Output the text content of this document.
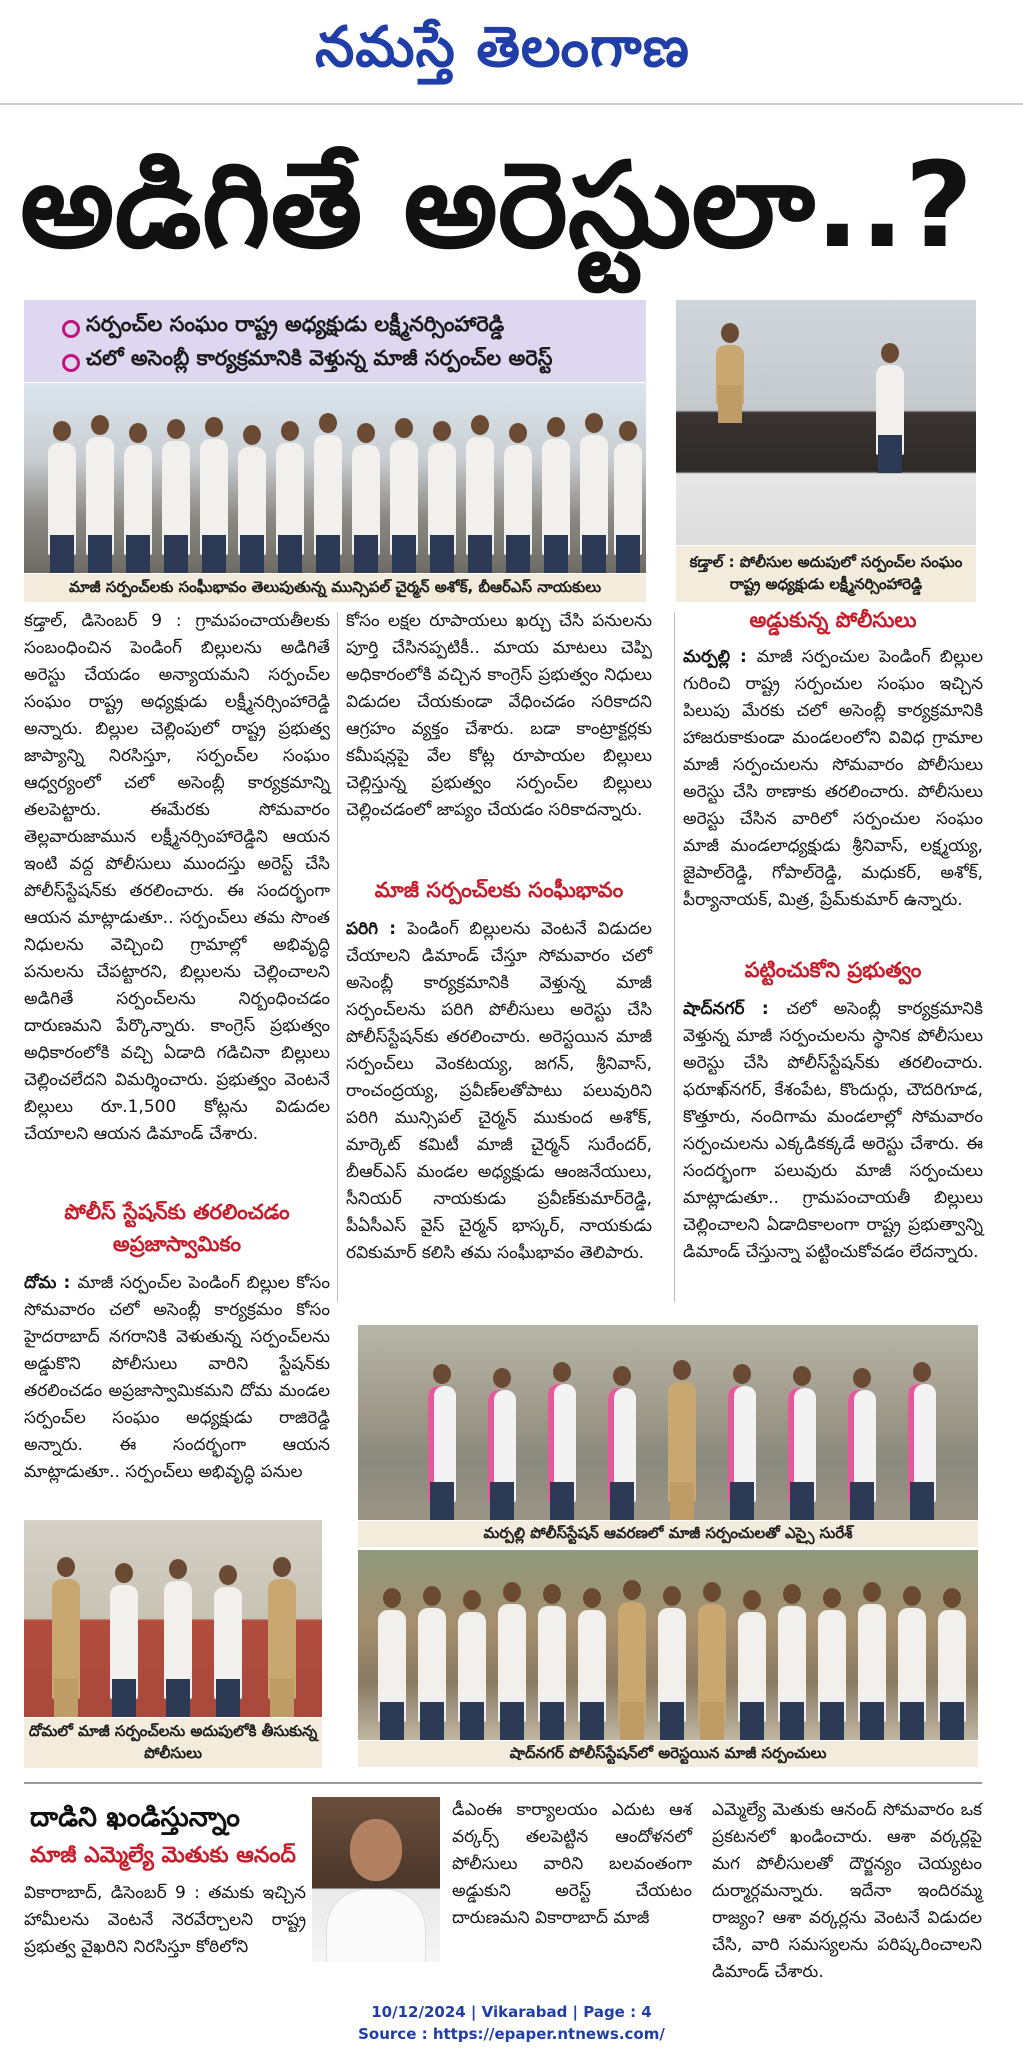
నమస్తే తెలంగాణ
అడిగితే అరెస్టులా..?
సర్పంచ్‌ల సంఘం రాష్ట్ర అధ్యక్షుడు లక్ష్మీనర్సింహారెడ్డి
చలో అసెంబ్లీ కార్యక్రమానికి వెళ్తున్న మాజీ సర్పంచ్‌ల అరెస్ట్
మాజీ సర్పంచ్‌లకు సంఘీభావం తెలుపుతున్న మున్సిపల్ చైర్మన్ అశోక్, బీఆర్‌ఎస్ నాయకులు
కడ్తాల్ : పోలీసుల అదుపులో సర్పంచ్‌ల సంఘం రాష్ట్ర అధ్యక్షుడు లక్ష్మీనర్సింహారెడ్డి
కడ్తాల్, డిసెంబర్ 9 : గ్రామపంచాయతీలకు సంబంధించిన పెండింగ్ బిల్లులను అడిగితే అరెస్టు చేయడం అన్యాయమని సర్పంచ్‌ల సంఘం రాష్ట్ర అధ్యక్షుడు లక్ష్మీనర్సింహారెడ్డి అన్నారు. బిల్లుల చెల్లింపులో రాష్ట్ర ప్రభుత్వ జాప్యాన్ని నిరసిస్తూ, సర్పంచ్‌ల సంఘం ఆధ్వర్యంలో చలో అసెంబ్లీ కార్యక్రమాన్ని తలపెట్టారు. ఈమేరకు సోమవారం తెల్లవారుజామున లక్ష్మీనర్సింహారెడ్డిని ఆయన ఇంటి వద్ద పోలీసులు ముందస్తు అరెస్ట్ చేసి పోలీస్‌స్టేషన్‌కు తరలించారు. ఈ సందర్భంగా ఆయన మాట్లాడుతూ.. సర్పంచ్‌లు తమ సొంత నిధులను వెచ్చించి గ్రామాల్లో అభివృద్ధి పనులను చేపట్టారని, బిల్లులను చెల్లించాలని అడిగితే సర్పంచ్‌లను నిర్బంధించడం దారుణమని పేర్కొన్నారు. కాంగ్రెస్ ప్రభుత్వం అధికారంలోకి వచ్చి ఏడాది గడిచినా బిల్లులు చెల్లించలేదని విమర్శించారు. ప్రభుత్వం వెంటనే బిల్లులు రూ.1,500 కోట్లను విడుదల చేయాలని ఆయన డిమాండ్ చేశారు.
పోలీస్ స్టేషన్‌కు తరలించడం
అప్రజాస్వామికం
దోమ : మాజీ సర్పంచ్‌ల పెండింగ్ బిల్లుల కోసం సోమవారం చలో అసెంబ్లీ కార్యక్రమం కోసం హైదరాబాద్ నగరానికి వెళుతున్న సర్పంచ్‌లను అడ్డుకొని పోలీసులు వారిని స్టేషన్‌కు తరలించడం అప్రజాస్వామికమని దోమ మండల సర్పంచ్‌ల సంఘం అధ్యక్షుడు రాజిరెడ్డి అన్నారు. ఈ సందర్భంగా ఆయన మాట్లాడుతూ.. సర్పంచ్‌లు అభివృద్ధి పనుల
కోసం లక్షల రూపాయలు ఖర్చు చేసి పనులను పూర్తి చేసినప్పటికీ.. మాయ మాటలు చెప్పి అధికారంలోకి వచ్చిన కాంగ్రెస్ ప్రభుత్వం నిధులు విడుదల చేయకుండా వేధించడం సరికాదని ఆగ్రహం వ్యక్తం చేశారు. బడా కాంట్రాక్టర్లకు కమీషన్లపై వేల కోట్ల రూపాయల బిల్లులు చెల్లిస్తున్న ప్రభుత్వం సర్పంచ్‌ల బిల్లులు చెల్లించడంలో జాప్యం చేయడం సరికాదన్నారు.
మాజీ సర్పంచ్‌లకు సంఘీభావం
పరిగి : పెండింగ్ బిల్లులను వెంటనే విడుదల చేయాలని డిమాండ్ చేస్తూ సోమవారం చలో అసెంబ్లీ కార్యక్రమానికి వెళ్తున్న మాజీ సర్పంచ్‌లను పరిగి పోలీసులు అరెస్టు చేసి పోలీస్‌స్టేషన్‌కు తరలించారు. అరెస్టయిన మాజీ సర్పంచ్‌లు వెంకటయ్య, జగన్, శ్రీనివాస్, రాంచంద్రయ్య, ప్రవీణ్‌లతోపాటు పలువురిని పరిగి మున్సిపల్ చైర్మన్ ముకుంద అశోక్, మార్కెట్ కమిటీ మాజీ చైర్మన్ సురేందర్, బీఆర్‌ఎస్ మండల అధ్యక్షుడు ఆంజనేయులు, సీనియర్ నాయకుడు ప్రవీణ్‌కుమార్‌రెడ్డి, పీఏసీఎస్ వైస్ చైర్మన్ భాస్కర్, నాయకుడు రవికుమార్ కలిసి తమ సంఘీభావం తెలిపారు.
అడ్డుకున్న పోలీసులు
మర్పల్లి : మాజీ సర్పంచుల పెండింగ్ బిల్లుల గురించి రాష్ట్ర సర్పంచుల సంఘం ఇచ్చిన పిలుపు మేరకు చలో అసెంబ్లీ కార్యక్రమానికి హాజరుకాకుండా మండలంలోని వివిధ గ్రామాల మాజీ సర్పంచులను సోమవారం పోలీసులు అరెస్టు చేసి ఠాణాకు తరలించారు. పోలీసులు అరెస్టు చేసిన వారిలో సర్పంచుల సంఘం మాజీ మండలాధ్యక్షుడు శ్రీనివాస్, లక్ష్మయ్య, జైపాల్‌రెడ్డి, గోపాల్‌రెడ్డి, మధుకర్, అశోక్, పీర్యానాయక్, మిత్ర, ప్రేమ్‌కుమార్ ఉన్నారు.
పట్టించుకోని ప్రభుత్వం
షాద్‌నగర్ : చలో అసెంబ్లీ కార్యక్రమానికి వెళ్తున్న మాజీ సర్పంచులను స్థానిక పోలీసులు అరెస్టు చేసి పోలీస్‌స్టేషన్‌కు తరలించారు. ఫరూఖ్‌నగర్, కేశంపేట, కొందుర్గు, చౌదరిగూడ, కొత్తూరు, నందిగామ మండలాల్లో సోమవారం సర్పంచులను ఎక్కడికక్కడే అరెస్టు చేశారు. ఈ సందర్భంగా పలువురు మాజీ సర్పంచులు మాట్లాడుతూ.. గ్రామపంచాయతీ బిల్లులు చెల్లించాలని ఏడాదికాలంగా రాష్ట్ర ప్రభుత్వాన్ని డిమాండ్ చేస్తున్నా పట్టించుకోవడం లేదన్నారు.
మర్పల్లి పోలీస్‌స్టేషన్ ఆవరణలో మాజీ సర్పంచులతో ఎస్సై సురేశ్
షాద్‌నగర్ పోలీస్‌స్టేషన్‌లో అరెస్టయిన మాజీ సర్పంచులు
దోమలో మాజీ సర్పంచ్‌లను అదుపులోకి తీసుకున్న పోలీసులు
దాడిని ఖండిస్తున్నాం
మాజీ ఎమ్మెల్యే మెతుకు ఆనంద్
వికారాబాద్, డిసెంబర్ 9 : తమకు ఇచ్చిన హామీలను వెంటనే నెరవేర్చాలని రాష్ట్ర ప్రభుత్వ వైఖరిని నిరసిస్తూ కోఠిలోని
డీఎంఈ కార్యాలయం ఎదుట ఆశ వర్కర్స్ తలపెట్టిన ఆందోళనలో పోలీసులు వారిని బలవంతంగా అడ్డుకుని అరెస్ట్ చేయటం దారుణమని వికారాబాద్ మాజీ
ఎమ్మెల్యే మెతుకు ఆనంద్ సోమవారం ఒక ప్రకటనలో ఖండించారు. ఆశా వర్కర్లపై మగ పోలీసులతో దౌర్జన్యం చెయ్యటం దుర్మార్గమన్నారు. ఇదేనా ఇందిరమ్మ రాజ్యం? ఆశా వర్కర్లను వెంటనే విడుదల చేసి, వారి సమస్యలను పరిష్కరించాలని డిమాండ్ చేశారు.
10/12/2024 | Vikarabad | Page : 4
Source : https://epaper.ntnews.com/
